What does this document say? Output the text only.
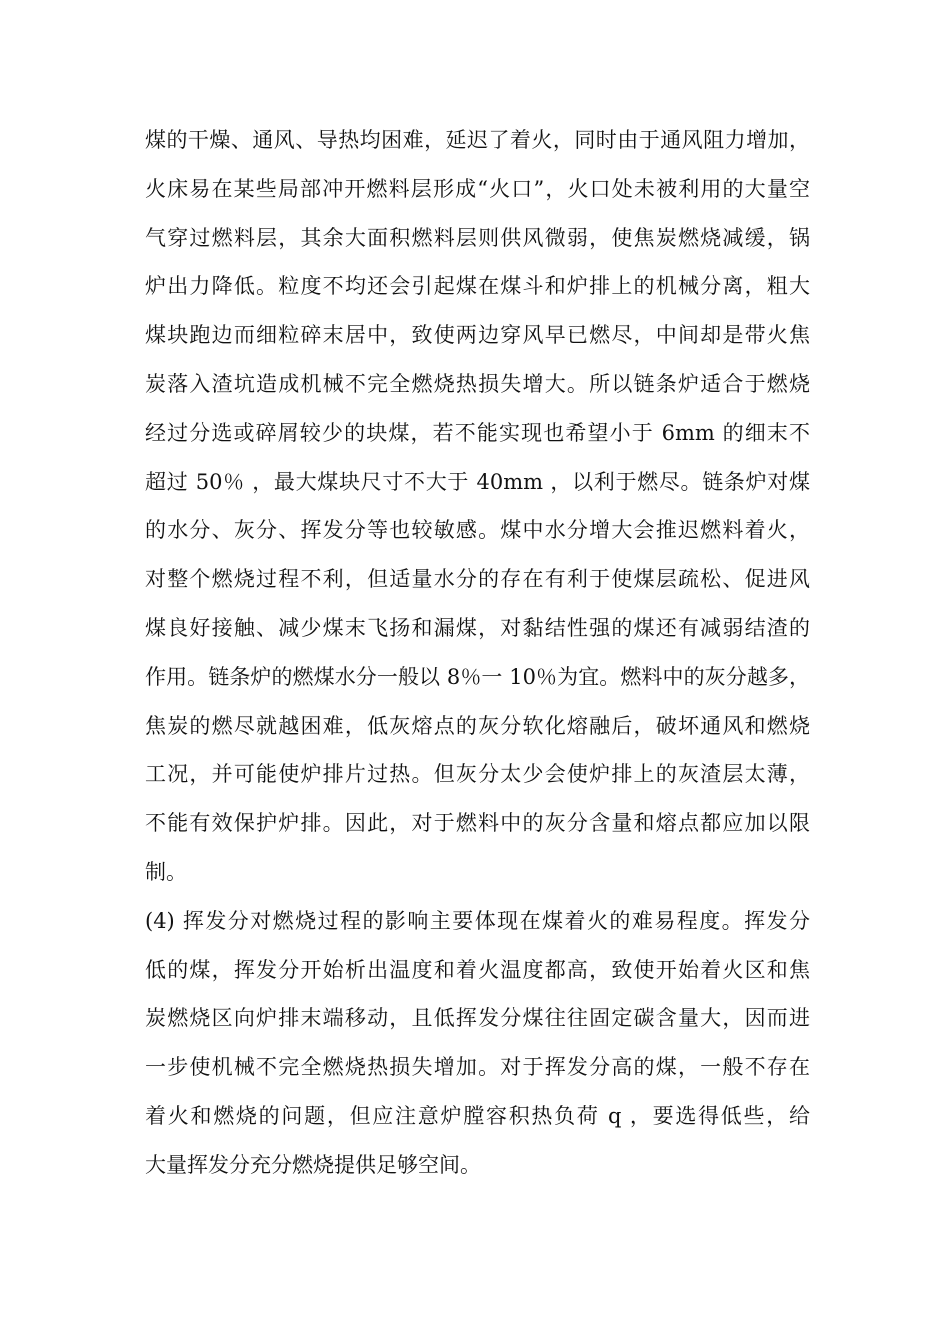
煤的干燥、通风、导热均困难，延迟了着火，同时由于通风阻力增加，
火床易在某些局部冲开燃料层形成“火口”，火口处未被利用的大量空
气穿过燃料层，其余大面积燃料层则供风微弱，使焦炭燃烧减缓，锅
炉出力降低。粒度不均还会引起煤在煤斗和炉排上的机械分离，粗大
煤块跑边而细粒碎末居中，致使两边穿风早已燃尽，中间却是带火焦
炭落入渣坑造成机械不完全燃烧热损失增大。所以链条炉适合于燃烧
经过分选或碎屑较少的块煤，若不能实现也希望小于 6mm 的细末不
超过 50％ ，最大煤块尺寸不大于 40mm ，以利于燃尽。链条炉对煤
的水分、灰分、挥发分等也较敏感。煤中水分增大会推迟燃料着火，
对整个燃烧过程不利，但适量水分的存在有利于使煤层疏松、促进风
煤良好接触、减少煤末飞扬和漏煤，对黏结性强的煤还有减弱结渣的
作用。链条炉的燃煤水分一般以 8％一 10％为宜。燃料中的灰分越多，
焦炭的燃尽就越困难，低灰熔点的灰分软化熔融后，破坏通风和燃烧
工况，并可能使炉排片过热。但灰分太少会使炉排上的灰渣层太薄，
不能有效保护炉排。因此，对于燃料中的灰分含量和熔点都应加以限
制。
(4) 挥发分对燃烧过程的影响主要体现在煤着火的难易程度。挥发分
低的煤，挥发分开始析出温度和着火温度都高，致使开始着火区和焦
炭燃烧区向炉排末端移动，且低挥发分煤往往固定碳含量大，因而进
一步使机械不完全燃烧热损失增加。对于挥发分高的煤，一般不存在
着火和燃烧的问题，但应注意炉膛容积热负荷 q ，要选得低些，给
大量挥发分充分燃烧提供足够空间。
